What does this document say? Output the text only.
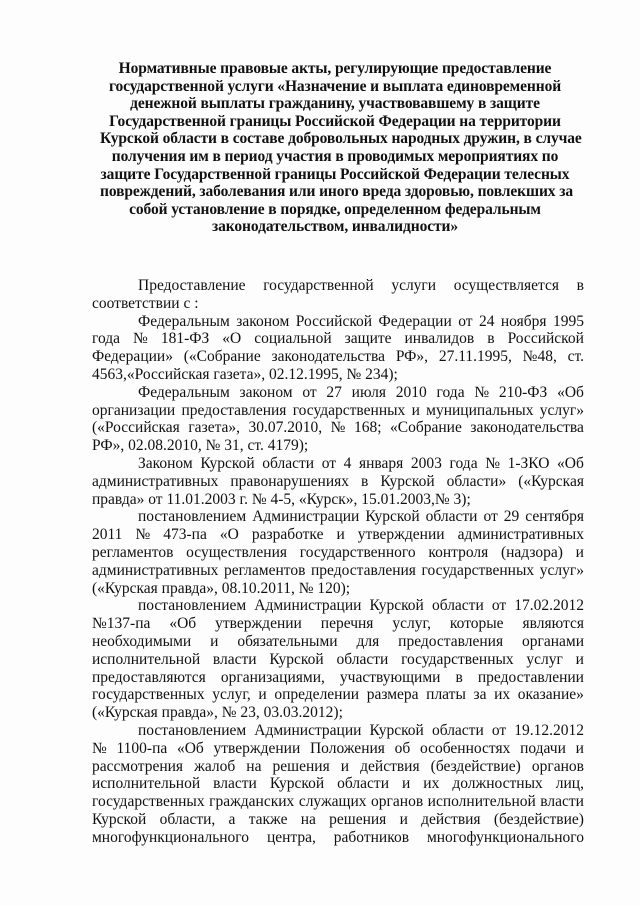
Нормативные правовые акты, регулирующие предоставление
государственной услуги «Назначение и выплата единовременной
денежной выплаты гражданину, участвовавшему в защите
Государственной границы Российской Федерации на территории
Курской области в составе добровольных народных дружин, в случае
получения им в период участия в проводимых мероприятиях по
защите Государственной границы Российской Федерации телесных
повреждений, заболевания или иного вреда здоровью, повлекших за
собой установление в порядке, определенном федеральным
законодательством, инвалидности»
Предоставление государственной услуги осуществляется в
соответствии с :
Федеральным законом Российской Федерации от 24 ноября 1995
года № 181-ФЗ «О социальной защите инвалидов в Российской
Федерации» («Собрание законодательства РФ», 27.11.1995, №48, ст.
4563,«Российская газета», 02.12.1995, № 234);
Федеральным законом от 27 июля 2010 года № 210-ФЗ «Об
организации предоставления государственных и муниципальных услуг»
(«Российская газета», 30.07.2010, № 168; «Собрание законодательства
РФ», 02.08.2010, № 31, ст. 4179);
Законом Курской области от 4 января 2003 года № 1-ЗКО «Об
административных правонарушениях в Курской области» («Курская
правда» от 11.01.2003 г. № 4-5, «Курск», 15.01.2003,№ 3);
постановлением Администрации Курской области от 29 сентября
2011 № 473-па «О разработке и утверждении административных
регламентов осуществления государственного контроля (надзора) и
административных регламентов предоставления государственных услуг»
(«Курская правда», 08.10.2011, № 120);
постановлением Администрации Курской области от 17.02.2012
№137-па «Об утверждении перечня услуг, которые являются
необходимыми и обязательными для предоставления органами
исполнительной власти Курской области государственных услуг и
предоставляются организациями, участвующими в предоставлении
государственных услуг, и определении размера платы за их оказание»
(«Курская правда», № 23, 03.03.2012);
постановлением Администрации Курской области от 19.12.2012
№ 1100-па «Об утверждении Положения об особенностях подачи и
рассмотрения жалоб на решения и действия (бездействие) органов
исполнительной власти Курской области и их должностных лиц,
государственных гражданских служащих органов исполнительной власти
Курской области, а также на решения и действия (бездействие)
многофункционального центра, работников многофункционального
